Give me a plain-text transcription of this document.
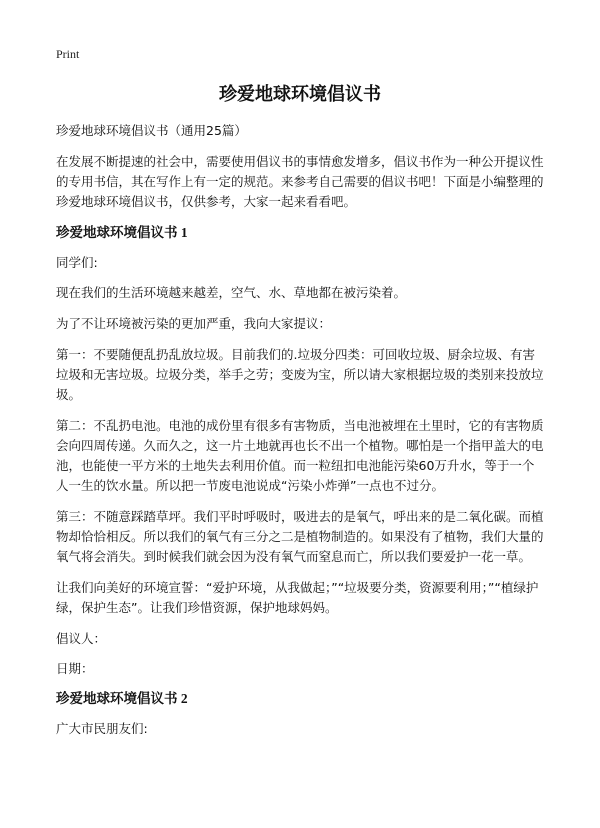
Print
珍爱地球环境倡议书

珍爱地球环境倡议书（通用25篇）

在发展不断提速的社会中，需要使用倡议书的事情愈发增多，倡议书作为一种公开提议性的专用书信，其在写作上有一定的规范。来参考自己需要的倡议书吧！下面是小编整理的珍爱地球环境倡议书，仅供参考，大家一起来看看吧。

珍爱地球环境倡议书 1

同学们:

现在我们的生活环境越来越差，空气、水、草地都在被污染着。

为了不让环境被污染的更加严重，我向大家提议：

第一：不要随便乱扔乱放垃圾。目前我们的.垃圾分四类：可回收垃圾、厨余垃圾、有害垃圾和无害垃圾。垃圾分类，举手之劳；变废为宝，所以请大家根据垃圾的类别来投放垃圾。

第二：不乱扔电池。电池的成份里有很多有害物质，当电池被埋在土里时，它的有害物质会向四周传递。久而久之，这一片土地就再也长不出一个植物。哪怕是一个指甲盖大的电池，也能使一平方米的土地失去利用价值。而一粒纽扣电池能污染60万升水，等于一个人一生的饮水量。所以把一节废电池说成“污染小炸弹”一点也不过分。

第三：不随意踩踏草坪。我们平时呼吸时，吸进去的是氧气，呼出来的是二氧化碳。而植物却恰恰相反。所以我们的氧气有三分之二是植物制造的。如果没有了植物，我们大量的氧气将会消失。到时候我们就会因为没有氧气而窒息而亡，所以我们要爱护一花一草。

让我们向美好的环境宣誓：“爱护环境，从我做起；”“垃圾要分类，资源要利用；”“植绿护绿，保护生态”。让我们珍惜资源，保护地球妈妈。

倡议人：

日期：

珍爱地球环境倡议书 2

广大市民朋友们:
